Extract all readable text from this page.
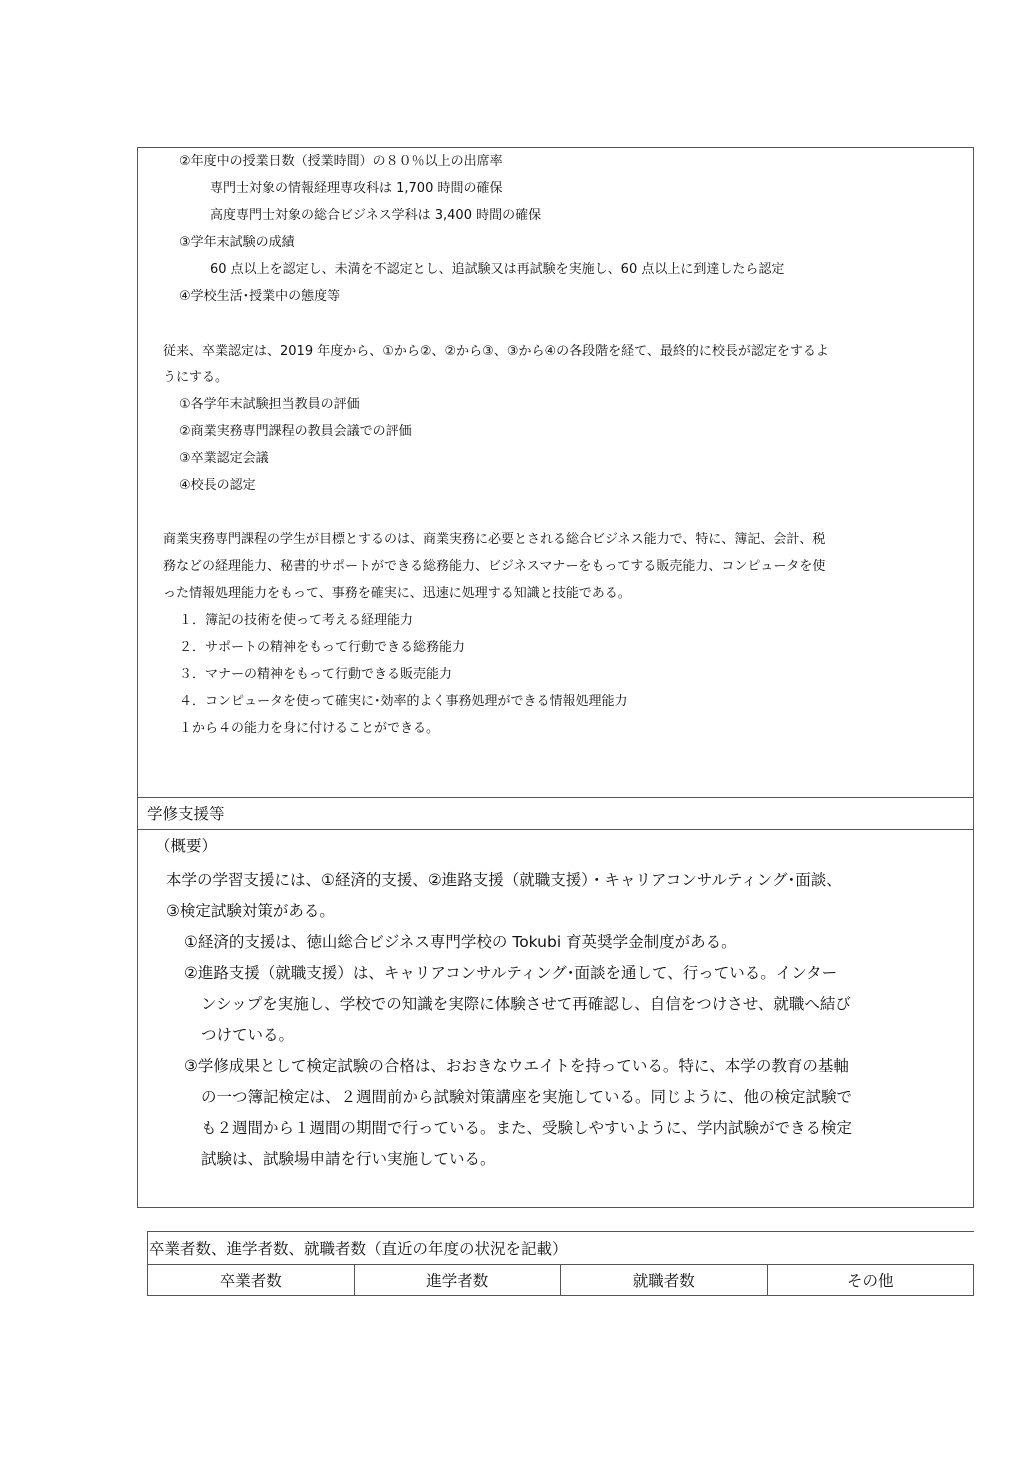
②年度中の授業日数（授業時間）の８０％以上の出席率
専門士対象の情報経理専攻科は 1,700 時間の確保
高度専門士対象の総合ビジネス学科は 3,400 時間の確保
③学年末試験の成績
60 点以上を認定し、未満を不認定とし、追試験又は再試験を実施し、60 点以上に到達したら認定
④学校生活･授業中の態度等
従来、卒業認定は、2019 年度から、①から②、②から③、③から④の各段階を経て、最終的に校長が認定をするよ
うにする。
①各学年末試験担当教員の評価
②商業実務専門課程の教員会議での評価
③卒業認定会議
④校長の認定
商業実務専門課程の学生が目標とするのは、商業実務に必要とされる総合ビジネス能力で、特に、簿記、会計、税
務などの経理能力、秘書的サポートができる総務能力、ビジネスマナーをもってする販売能力、コンピュータを使
った情報処理能力をもって、事務を確実に、迅速に処理する知識と技能である。
１．簿記の技術を使って考える経理能力
２．サポートの精神をもって行動できる総務能力
３．マナーの精神をもって行動できる販売能力
４．コンピュータを使って確実に･効率的よく事務処理ができる情報処理能力
１から４の能力を身に付けることができる。
学修支援等
（概要）
本学の学習支援には、①経済的支援、②進路支援（就職支援）・キャリアコンサルティング･面談、
③検定試験対策がある。
①経済的支援は、徳山総合ビジネス専門学校の Tokubi 育英奨学金制度がある。
②進路支援（就職支援）は、キャリアコンサルティング･面談を通して、行っている。インター
ンシップを実施し、学校での知識を実際に体験させて再確認し、自信をつけさせ、就職へ結び
つけている。
③学修成果として検定試験の合格は、おおきなウエイトを持っている。特に、本学の教育の基軸
の一つ簿記検定は、２週間前から試験対策講座を実施している。同じように、他の検定試験で
も２週間から１週間の期間で行っている。また、受験しやすいように、学内試験ができる検定
試験は、試験場申請を行い実施している。
卒業者数、進学者数、就職者数（直近の年度の状況を記載）
卒業者数	進学者数	就職者数	その他
